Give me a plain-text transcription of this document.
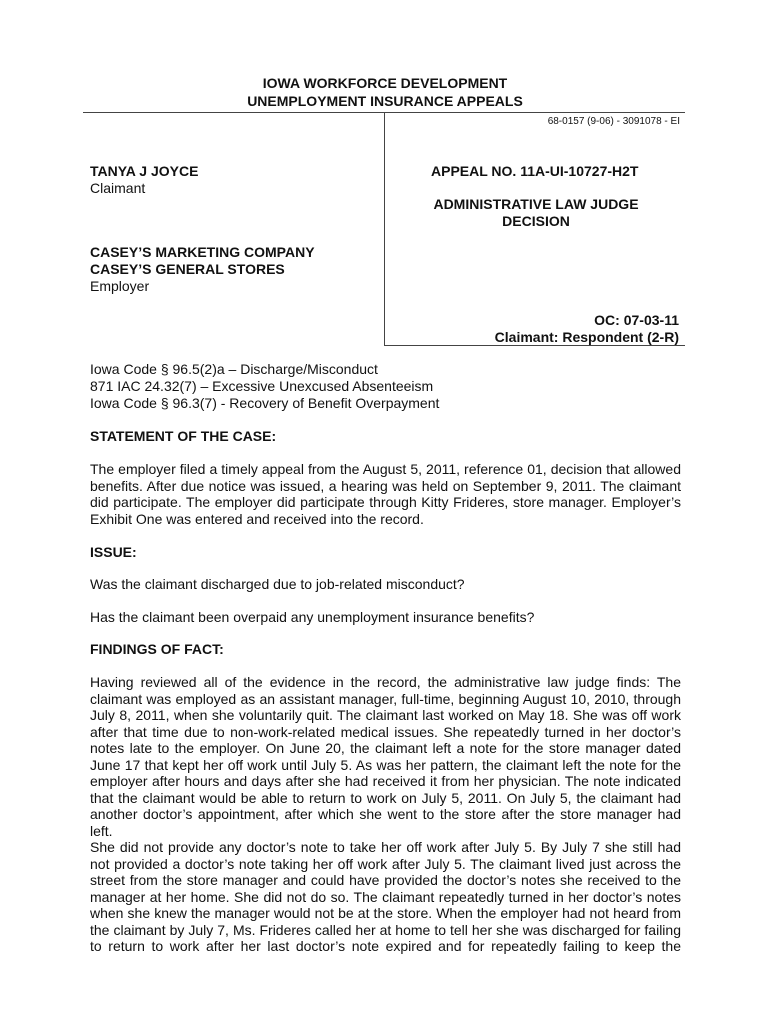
IOWA WORKFORCE DEVELOPMENT
UNEMPLOYMENT INSURANCE APPEALS
68-0157 (9-06) - 3091078 - EI
TANYA J JOYCE
Claimant
CASEY’S MARKETING COMPANY
CASEY’S GENERAL STORES
Employer
APPEAL NO. 11A-UI-10727-H2T
ADMINISTRATIVE LAW JUDGE
DECISION
OC: 07-03-11
Claimant: Respondent (2-R)
Iowa Code § 96.5(2)a – Discharge/Misconduct
871 IAC 24.32(7) – Excessive Unexcused Absenteeism
Iowa Code § 96.3(7) - Recovery of Benefit Overpayment
STATEMENT OF THE CASE:
The employer filed a timely appeal from the August 5, 2011, reference 01, decision that allowed
benefits. After due notice was issued, a hearing was held on September 9, 2011. The claimant
did participate. The employer did participate through Kitty Frideres, store manager. Employer’s
Exhibit One was entered and received into the record.
ISSUE:
Was the claimant discharged due to job-related misconduct?
Has the claimant been overpaid any unemployment insurance benefits?
FINDINGS OF FACT:
Having reviewed all of the evidence in the record, the administrative law judge finds: The
claimant was employed as an assistant manager, full-time, beginning August 10, 2010, through
July 8, 2011, when she voluntarily quit. The claimant last worked on May 18. She was off work
after that time due to non-work-related medical issues. She repeatedly turned in her doctor’s
notes late to the employer. On June 20, the claimant left a note for the store manager dated
June 17 that kept her off work until July 5. As was her pattern, the claimant left the note for the
employer after hours and days after she had received it from her physician. The note indicated
that the claimant would be able to return to work on July 5, 2011. On July 5, the claimant had
another doctor’s appointment, after which she went to the store after the store manager had left.
She did not provide any doctor’s note to take her off work after July 5. By July 7 she still had
not provided a doctor’s note taking her off work after July 5. The claimant lived just across the
street from the store manager and could have provided the doctor’s notes she received to the
manager at her home. She did not do so. The claimant repeatedly turned in her doctor’s notes
when she knew the manager would not be at the store. When the employer had not heard from
the claimant by July 7, Ms. Frideres called her at home to tell her she was discharged for failing
to return to work after her last doctor’s note expired and for repeatedly failing to keep the
